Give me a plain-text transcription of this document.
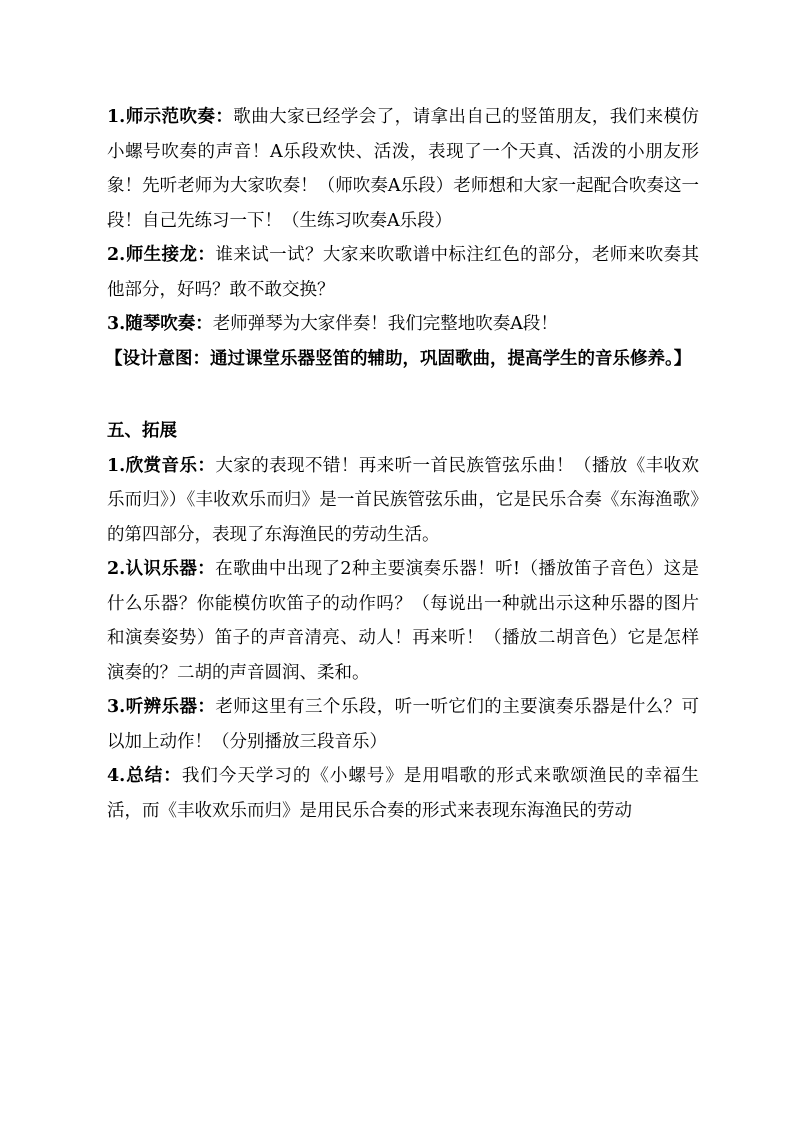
1.师示范吹奏：歌曲大家已经学会了，请拿出自己的竖笛朋友，我们来模仿小螺号吹奏的声音！A乐段欢快、活泼，表现了一个天真、活泼的小朋友形象！先听老师为大家吹奏！（师吹奏A乐段）老师想和大家一起配合吹奏这一段！自己先练习一下！（生练习吹奏A乐段）

2.师生接龙：谁来试一试？大家来吹歌谱中标注红色的部分，老师来吹奏其他部分，好吗？敢不敢交换？

3.随琴吹奏：老师弹琴为大家伴奏！我们完整地吹奏A段！

【设计意图：通过课堂乐器竖笛的辅助，巩固歌曲，提高学生的音乐修养。】

五、拓展

1.欣赏音乐：大家的表现不错！再来听一首民族管弦乐曲！（播放《丰收欢乐而归》）《丰收欢乐而归》是一首民族管弦乐曲，它是民乐合奏《东海渔歌》的第四部分，表现了东海渔民的劳动生活。

2.认识乐器：在歌曲中出现了2种主要演奏乐器！听!（播放笛子音色）这是什么乐器？你能模仿吹笛子的动作吗？（每说出一种就出示这种乐器的图片和演奏姿势）笛子的声音清亮、动人！再来听！（播放二胡音色）它是怎样演奏的？二胡的声音圆润、柔和。

3.听辨乐器：老师这里有三个乐段，听一听它们的主要演奏乐器是什么？可以加上动作！（分别播放三段音乐）

4.总结：我们今天学习的《小螺号》是用唱歌的形式来歌颂渔民的幸福生活，而《丰收欢乐而归》是用民乐合奏的形式来表现东海渔民的劳动
